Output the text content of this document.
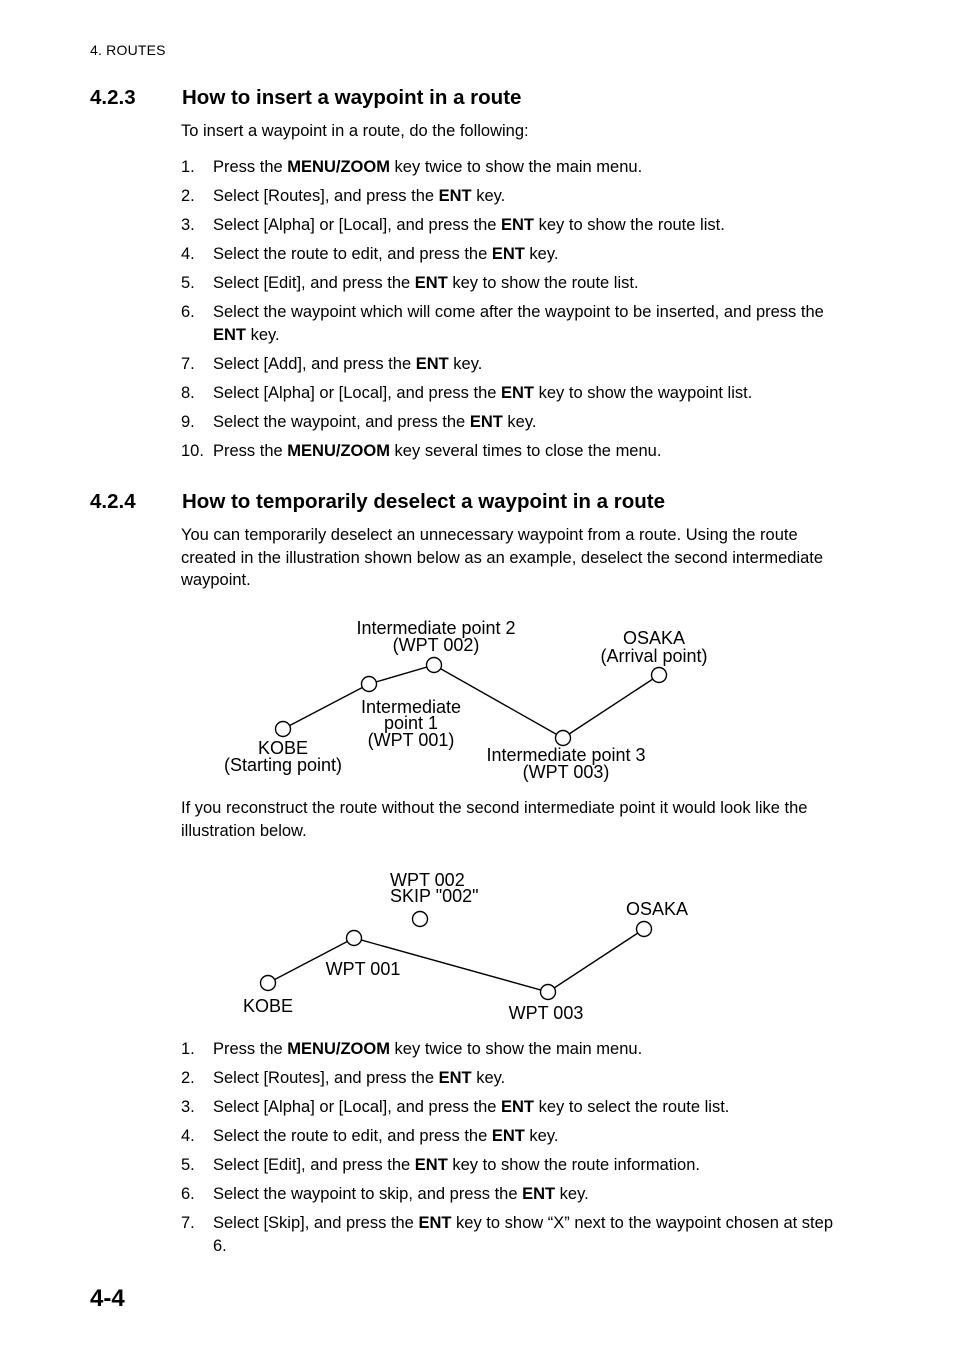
4. ROUTES
4.2.3 How to insert a waypoint in a route

To insert a waypoint in a route, do the following:

1. Press the MENU/ZOOM key twice to show the main menu.
2. Select [Routes], and press the ENT key.
3. Select [Alpha] or [Local], and press the ENT key to show the route list.
4. Select the route to edit, and press the ENT key.
5. Select [Edit], and press the ENT key to show the route list.
6. Select the waypoint which will come after the waypoint to be inserted, and press the ENT key.
7. Select [Add], and press the ENT key.
8. Select [Alpha] or [Local], and press the ENT key to show the waypoint list.
9. Select the waypoint, and press the ENT key.
10. Press the MENU/ZOOM key several times to close the menu.
4.2.4 How to temporarily deselect a waypoint in a route

You can temporarily deselect an unnecessary waypoint from a route. Using the route created in the illustration shown below as an example, deselect the second intermediate waypoint.

Intermediate point 2
(WPT 002)	OSAKA
(Arrival point)
Intermediate
point 1
(WPT 001)
KOBE
(Starting point)	Intermediate point 3
(WPT 003)

If you reconstruct the route without the second intermediate point it would look like the illustration below.

WPT 002
SKIP "002"
OSAKA
WPT 001
KOBE	WPT 003
1. Press the MENU/ZOOM key twice to show the main menu.
2. Select [Routes], and press the ENT key.
3. Select [Alpha] or [Local], and press the ENT key to select the route list.
4. Select the route to edit, and press the ENT key.
5. Select [Edit], and press the ENT key to show the route information.
6. Select the waypoint to skip, and press the ENT key.
7. Select [Skip], and press the ENT key to show “X” next to the waypoint chosen at step 6.
4-4
